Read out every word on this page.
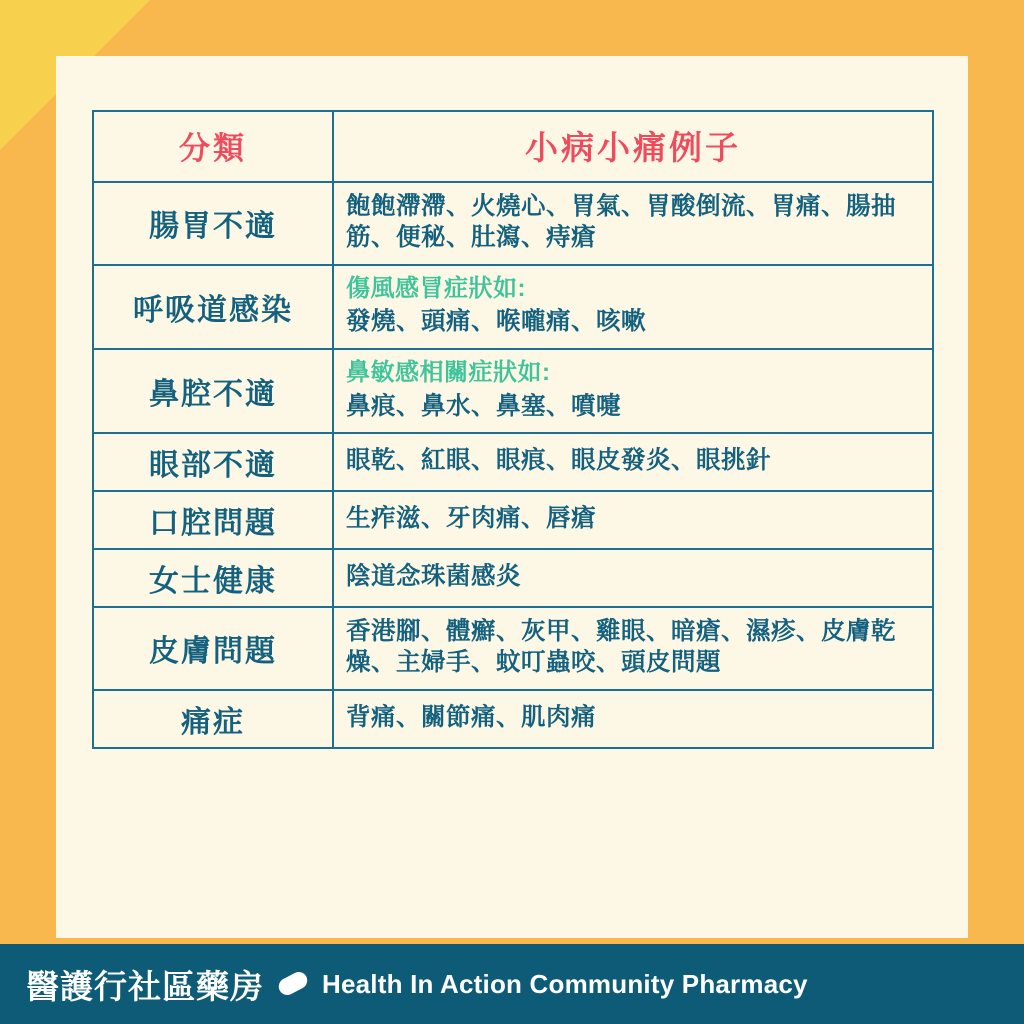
分類	小病小痛例子
腸胃不適	飽飽滯滯、火燒心、胃氣、胃酸倒流、胃痛、腸抽筋、便秘、肚瀉、痔瘡

呼吸道感染	傷風感冒症狀如:
發燒、頭痛、喉嚨痛、咳嗽

鼻腔不適	鼻敏感相關症狀如:
鼻痕、鼻水、鼻塞、噴嚏

眼部不適	眼乾、紅眼、眼痕、眼皮發炎、眼挑針

口腔問題	生痄滋、牙肉痛、唇瘡

女士健康	陰道念珠菌感炎

皮膚問題	香港腳、體癬、灰甲、雞眼、暗瘡、濕疹、皮膚乾燥、主婦手、蚊叮蟲咬、頭皮問題

痛症	背痛、關節痛、肌肉痛
醫護行社區藥房 Health In Action Community Pharmacy
